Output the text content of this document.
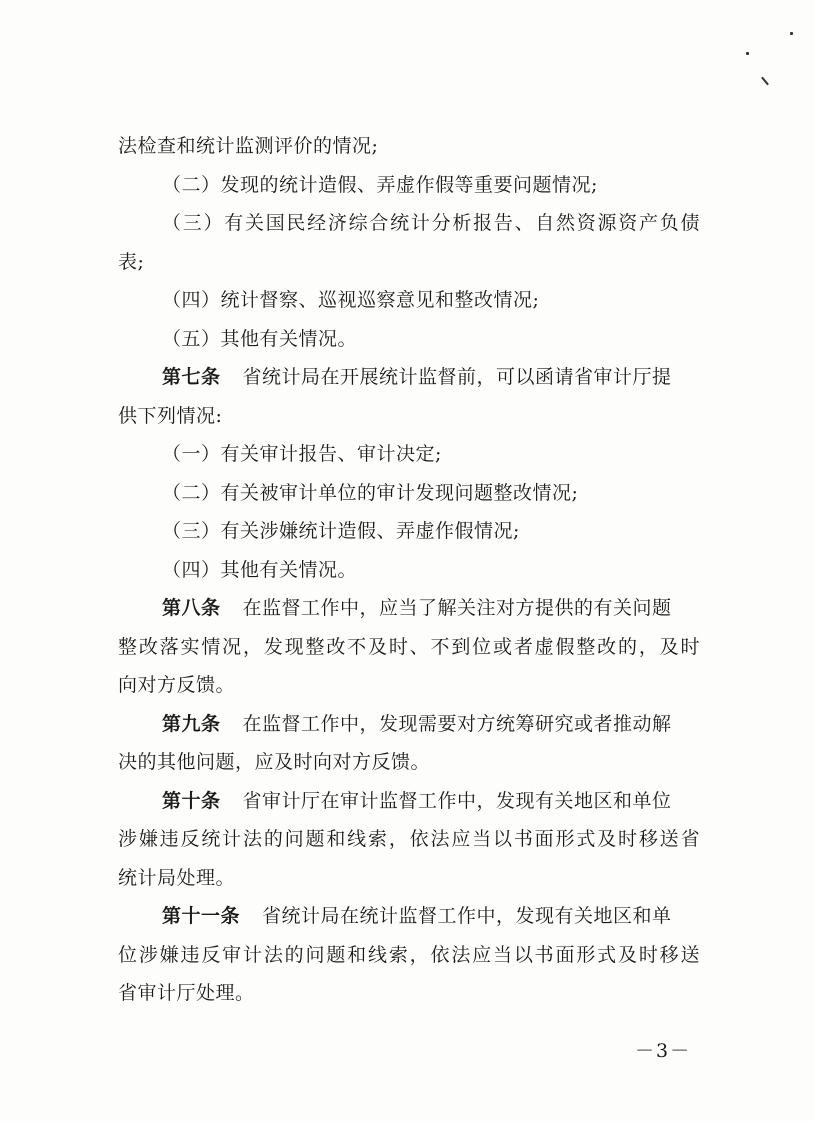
法检查和统计监测评价的情况;
（二）发现的统计造假、弄虚作假等重要问题情况;
（三）有关国民经济综合统计分析报告、自然资源资产负债
表;
（四）统计督察、巡视巡察意见和整改情况;
（五）其他有关情况。
第七条 省统计局在开展统计监督前，可以函请省审计厅提
供下列情况:
（一）有关审计报告、审计决定;
（二）有关被审计单位的审计发现问题整改情况;
（三）有关涉嫌统计造假、弄虚作假情况;
（四）其他有关情况。
第八条 在监督工作中，应当了解关注对方提供的有关问题
整改落实情况，发现整改不及时、不到位或者虚假整改的，及时
向对方反馈。
第九条 在监督工作中，发现需要对方统筹研究或者推动解
决的其他问题，应及时向对方反馈。
第十条 省审计厅在审计监督工作中，发现有关地区和单位
涉嫌违反统计法的问题和线索，依法应当以书面形式及时移送省
统计局处理。
第十一条 省统计局在统计监督工作中，发现有关地区和单
位涉嫌违反审计法的问题和线索，依法应当以书面形式及时移送
省审计厅处理。
－3－
